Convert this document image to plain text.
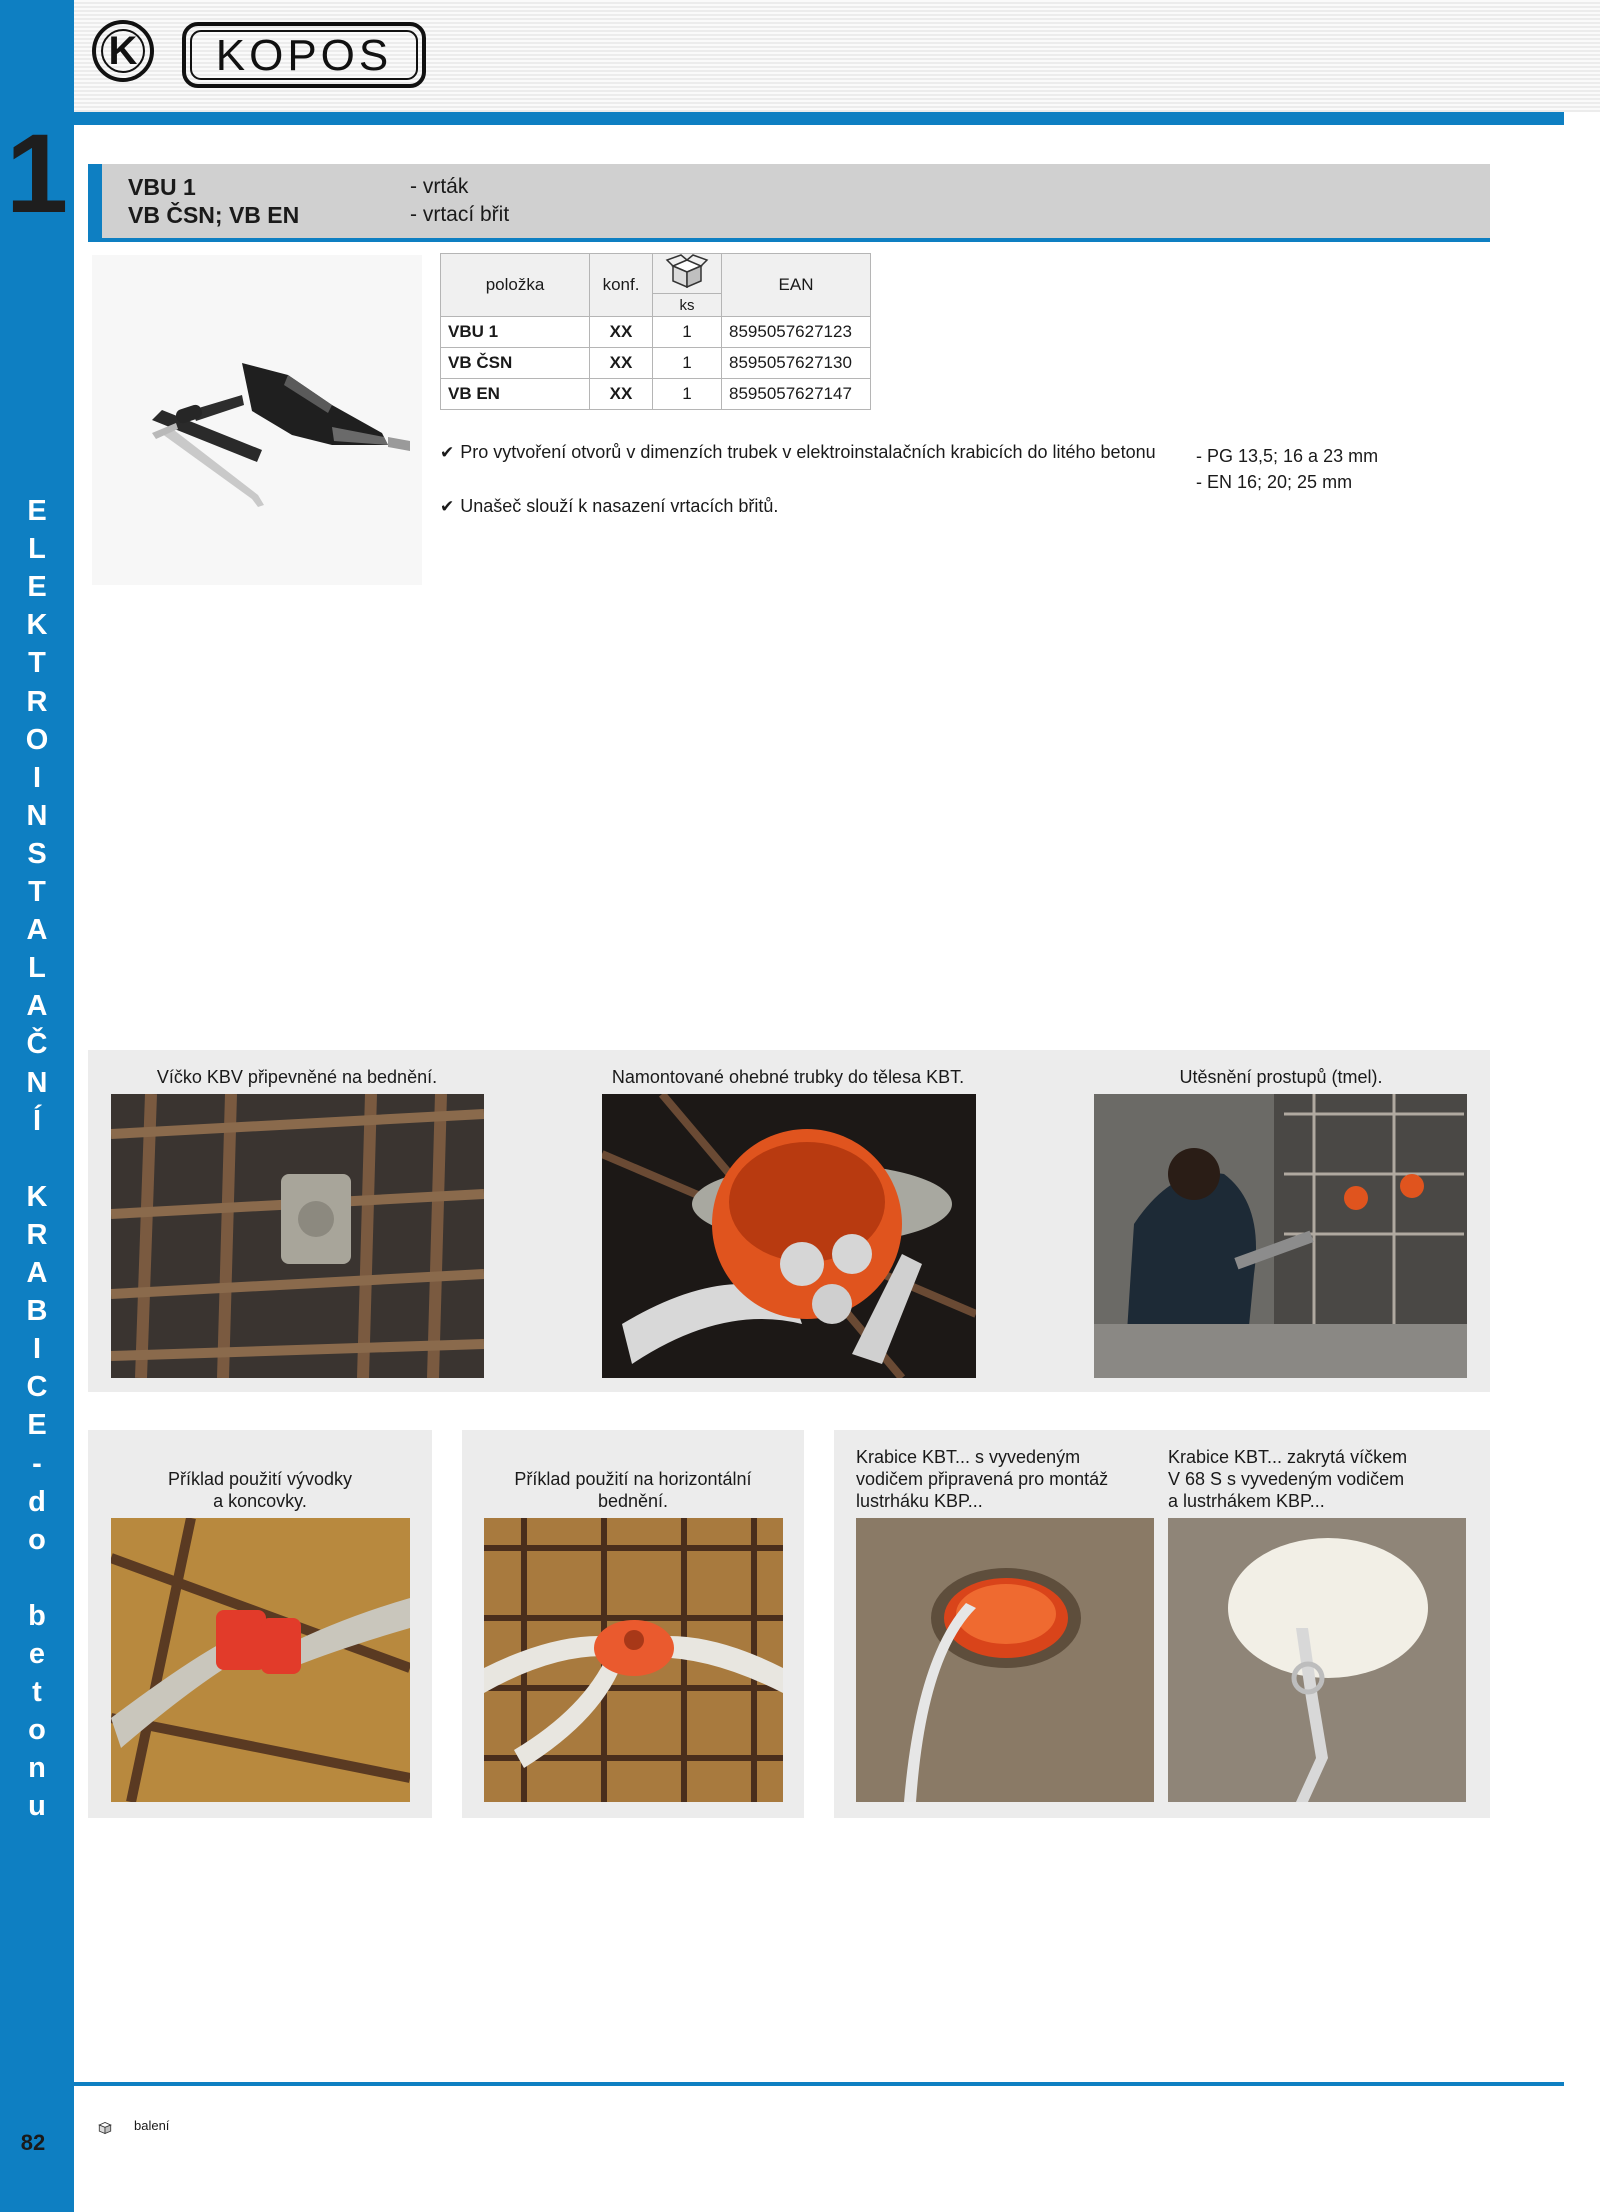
1
E
L
E
K
T
R
O
I
N
S
T
A
L
A
Č
N
Í
K
R
A
B
I
C
E
-
d
o
b
e
t
o
n
u
82
K	KOPOS
VBU 1
VB ČSN; VB EN
- vrták
- vrtací břit
položka	konf.		EAN
		ks	
VBU 1	XX	1	8595057627123
VB ČSN	XX	1	8595057627130
VB EN	XX	1	8595057627147
✔ Pro vytvoření otvorů v dimenzích trubek v elektroinstalačních krabicích do litého betonu
✔ Unašeč slouží k nasazení vrtacích břitů.
- PG 13,5; 16 a 23 mm
- EN 16; 20; 25 mm
Víčko KBV připevněné na bednění.	Namontované ohebné trubky do tělesa KBT.	Utěsnění prostupů (tmel).
Příklad použití vývodky
a koncovky.
Příklad použití na horizontální
bednění.
Krabice KBT... s vyvedeným
vodičem připravená pro montáž
lustrháku KBP...
Krabice KBT... zakrytá víčkem
V 68 S s vyvedeným vodičem
a lustrhákem KBP...
balení
